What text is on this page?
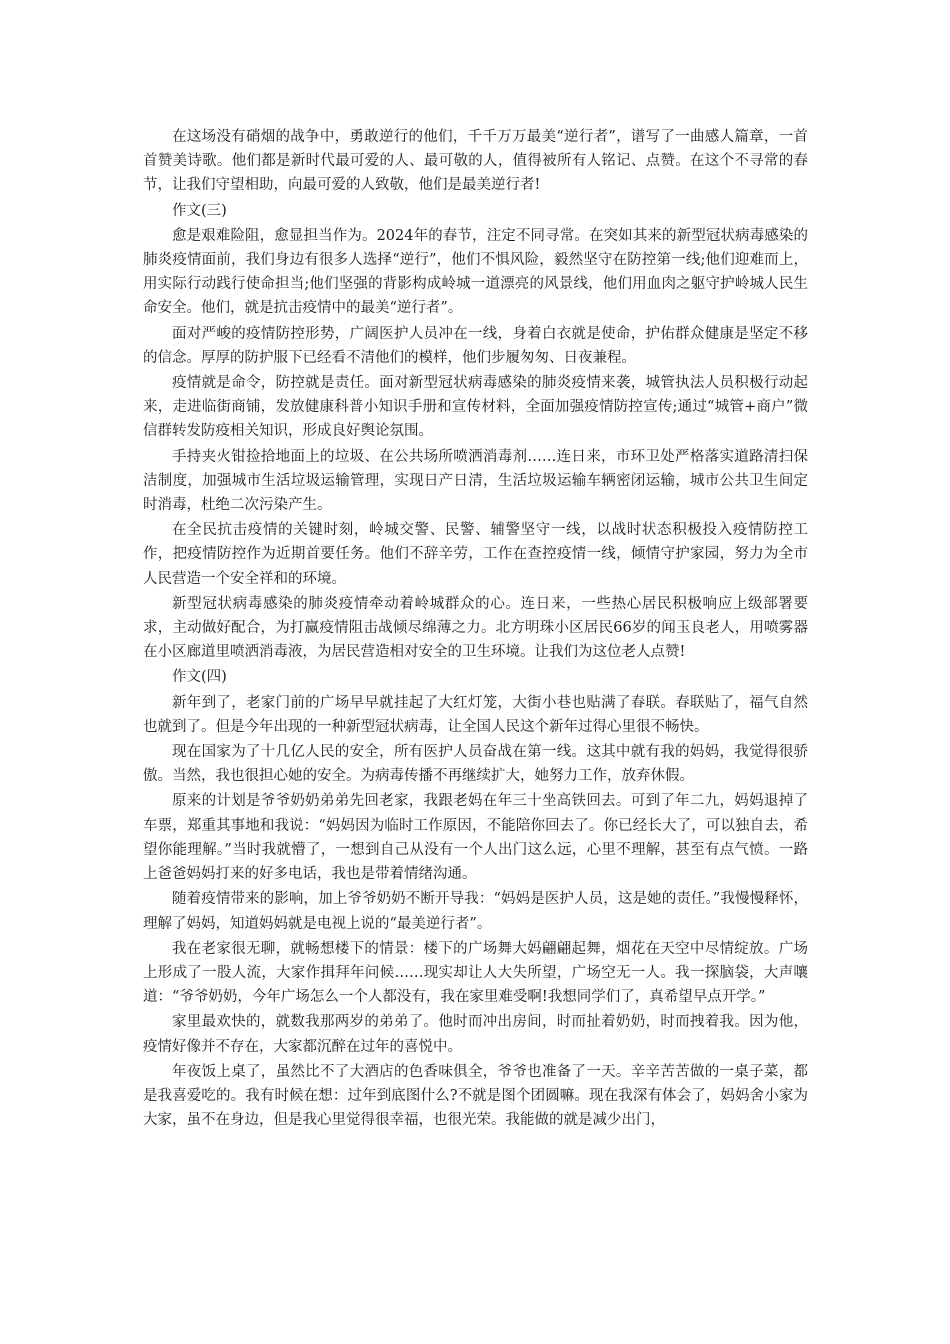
在这场没有硝烟的战争中，勇敢逆行的他们，千千万万最美“逆行者”，谱写了一曲感人篇章，一首首赞美诗歌。他们都是新时代最可爱的人、最可敬的人，值得被所有人铭记、点赞。在这个不寻常的春节，让我们守望相助，向最可爱的人致敬，他们是最美逆行者!

作文(三)

愈是艰难险阻，愈显担当作为。2024年的春节，注定不同寻常。在突如其来的新型冠状病毒感染的肺炎疫情面前，我们身边有很多人选择“逆行”，他们不惧风险，毅然坚守在防控第一线;他们迎难而上，用实际行动践行使命担当;他们坚强的背影构成岭城一道漂亮的风景线，他们用血肉之躯守护岭城人民生命安全。他们，就是抗击疫情中的最美“逆行者”。

面对严峻的疫情防控形势，广阔医护人员冲在一线，身着白衣就是使命，护佑群众健康是坚定不移的信念。厚厚的防护服下已经看不清他们的模样，他们步履匆匆、日夜兼程。

疫情就是命令，防控就是责任。面对新型冠状病毒感染的肺炎疫情来袭，城管执法人员积极行动起来，走进临街商铺，发放健康科普小知识手册和宣传材料，全面加强疫情防控宣传;通过“城管+商户”微信群转发防疫相关知识，形成良好舆论氛围。

手持夹火钳捡拾地面上的垃圾、在公共场所喷洒消毒剂……连日来，市环卫处严格落实道路清扫保洁制度，加强城市生活垃圾运输管理，实现日产日清，生活垃圾运输车辆密闭运输，城市公共卫生间定时消毒，杜绝二次污染产生。

在全民抗击疫情的关键时刻，岭城交警、民警、辅警坚守一线，以战时状态积极投入疫情防控工作，把疫情防控作为近期首要任务。他们不辞辛劳，工作在查控疫情一线，倾情守护家园，努力为全市人民营造一个安全祥和的环境。

新型冠状病毒感染的肺炎疫情牵动着岭城群众的心。连日来，一些热心居民积极响应上级部署要求，主动做好配合，为打赢疫情阻击战倾尽绵薄之力。北方明珠小区居民66岁的闻玉良老人，用喷雾器在小区廊道里喷洒消毒液，为居民营造相对安全的卫生环境。让我们为这位老人点赞!

作文(四)

新年到了，老家门前的广场早早就挂起了大红灯笼，大街小巷也贴满了春联。春联贴了，福气自然也就到了。但是今年出现的一种新型冠状病毒，让全国人民这个新年过得心里很不畅快。

现在国家为了十几亿人民的安全，所有医护人员奋战在第一线。这其中就有我的妈妈，我觉得很骄傲。当然，我也很担心她的安全。为病毒传播不再继续扩大，她努力工作，放弃休假。

原来的计划是爷爷奶奶弟弟先回老家，我跟老妈在年三十坐高铁回去。可到了年二九，妈妈退掉了车票，郑重其事地和我说：“妈妈因为临时工作原因，不能陪你回去了。你已经长大了，可以独自去，希望你能理解。”当时我就懵了，一想到自己从没有一个人出门这么远，心里不理解，甚至有点气愤。一路上爸爸妈妈打来的好多电话，我也是带着情绪沟通。

随着疫情带来的影响，加上爷爷奶奶不断开导我：“妈妈是医护人员，这是她的责任。”我慢慢释怀，理解了妈妈，知道妈妈就是电视上说的“最美逆行者”。

我在老家很无聊，就畅想楼下的情景：楼下的广场舞大妈翩翩起舞，烟花在天空中尽情绽放。广场上形成了一股人流，大家作揖拜年问候……现实却让人大失所望，广场空无一人。我一探脑袋，大声嚷道：“爷爷奶奶，今年广场怎么一个人都没有，我在家里难受啊!我想同学们了，真希望早点开学。”

家里最欢快的，就数我那两岁的弟弟了。他时而冲出房间，时而扯着奶奶，时而拽着我。因为他，疫情好像并不存在，大家都沉醉在过年的喜悦中。

年夜饭上桌了，虽然比不了大酒店的色香味俱全，爷爷也准备了一天。辛辛苦苦做的一桌子菜，都是我喜爱吃的。我有时候在想：过年到底图什么?不就是图个团圆嘛。现在我深有体会了，妈妈舍小家为大家，虽不在身边，但是我心里觉得很幸福，也很光荣。我能做的就是减少出门，
